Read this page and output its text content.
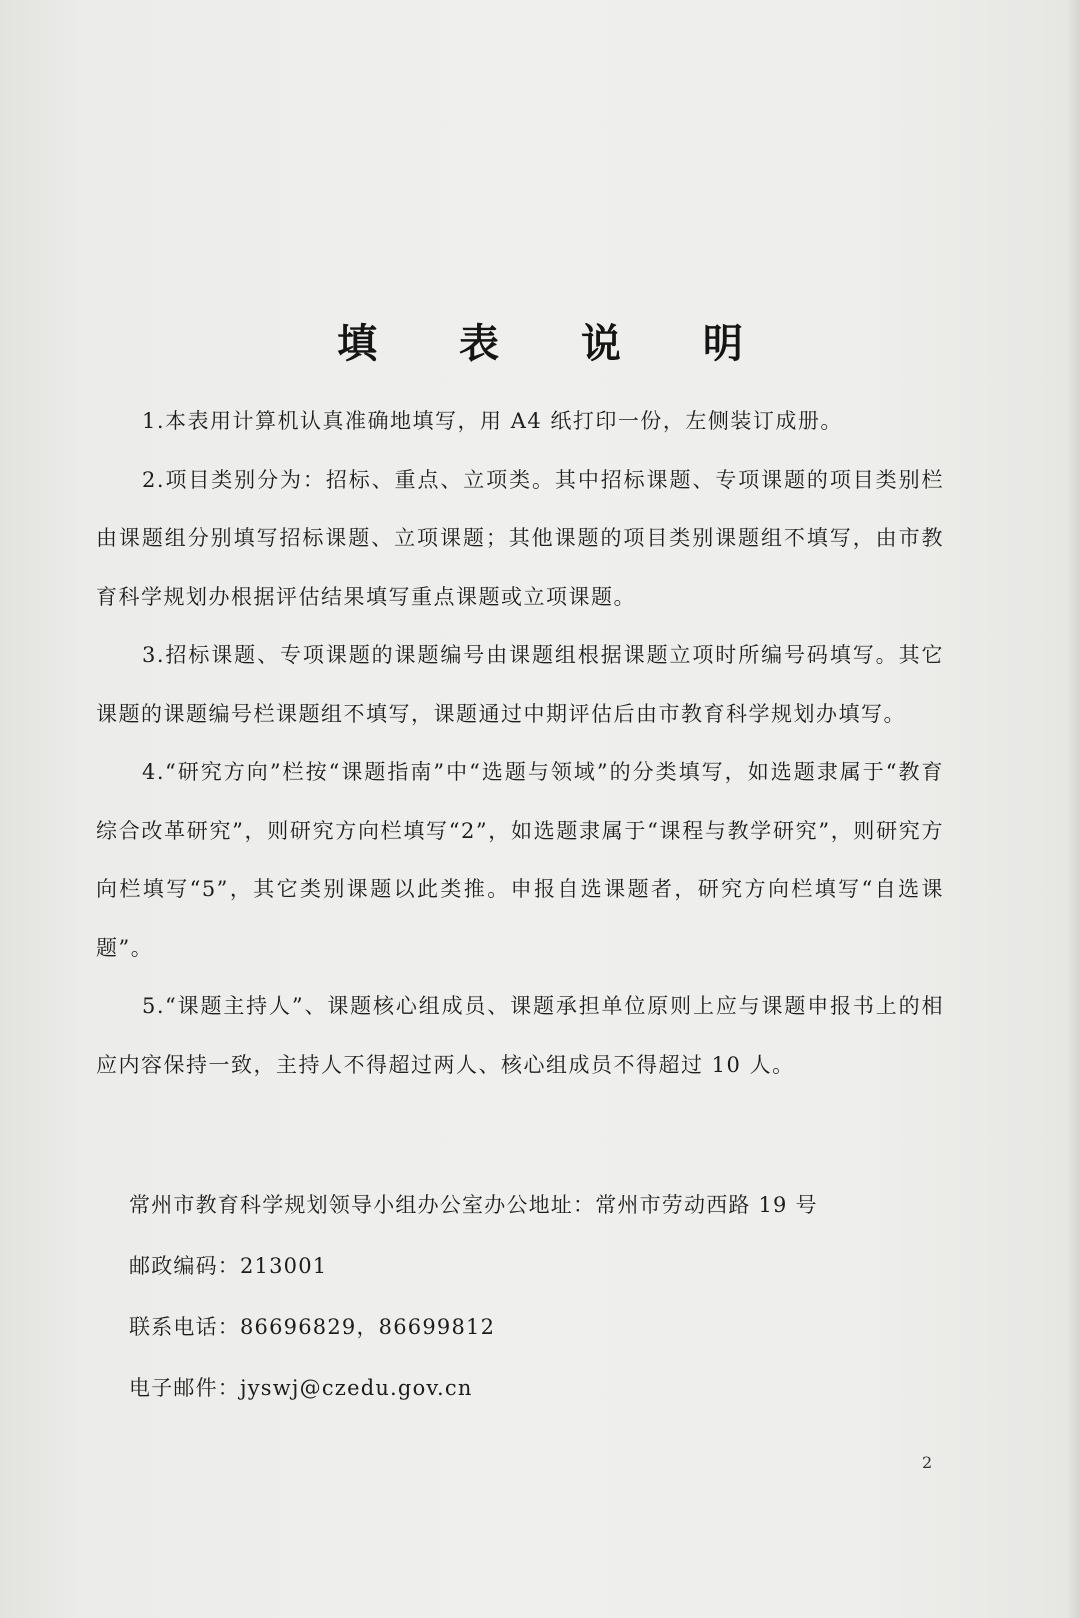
填 表 说 明

1.本表用计算机认真准确地填写，用 A4 纸打印一份，左侧装订成册。

2.项目类别分为：招标、重点、立项类。其中招标课题、专项课题的项目类别栏由课题组分别填写招标课题、立项课题；其他课题的项目类别课题组不填写，由市教育科学规划办根据评估结果填写重点课题或立项课题。

3.招标课题、专项课题的课题编号由课题组根据课题立项时所编号码填写。其它课题的课题编号栏课题组不填写，课题通过中期评估后由市教育科学规划办填写。

4.“研究方向”栏按“课题指南”中“选题与领域”的分类填写，如选题隶属于“教育综合改革研究”，则研究方向栏填写“2”，如选题隶属于“课程与教学研究”，则研究方向栏填写“5”，其它类别课题以此类推。申报自选课题者，研究方向栏填写“自选课题”。

5.“课题主持人”、课题核心组成员、课题承担单位原则上应与课题申报书上的相应内容保持一致，主持人不得超过两人、核心组成员不得超过 10 人。

常州市教育科学规划领导小组办公室办公地址：常州市劳动西路 19 号
邮政编码：213001
联系电话：86696829，86699812
电子邮件：jyswj@czedu.gov.cn
2
